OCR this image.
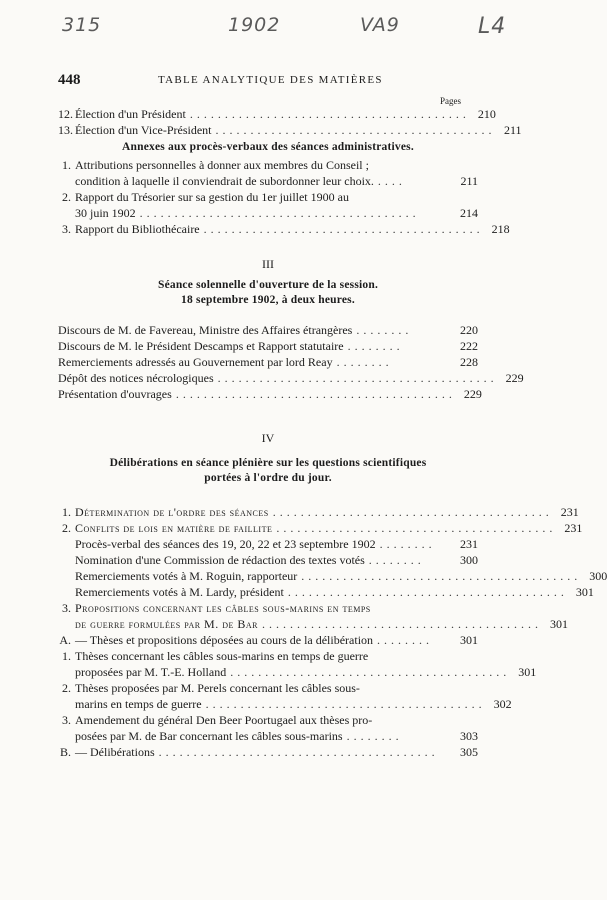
315	1902	VA9	L4
448	TABLE ANALYTIQUE DES MATIÈRES
Pages
12. Élection d'un Président ........................................ 210
13. Élection d'un Vice-Président ........................................ 211
Annexes aux procès-verbaux des séances administratives.
1. Attributions personnelles à donner aux membres du Conseil ;
condition à laquelle il conviendrait de subordonner leur choix. ....	211
2. Rapport du Trésorier sur sa gestion du 1er juillet 1900 au
30 juin 1902 ........................................	214
3. Rapport du Bibliothécaire ........................................ 218
III
Séance solennelle d'ouverture de la session.
18 septembre 1902, à deux heures.
Discours de M. de Favereau, Ministre des Affaires étrangères ........	220
Discours de M. le Président Descamps et Rapport statutaire ........	222
Remerciements adressés au Gouvernement par lord Reay ........	228
Dépôt des notices nécrologiques ........................................ 229
Présentation d'ouvrages ........................................ 229
IV
Délibérations en séance plénière sur les questions scientifiques
portées à l'ordre du jour.
1. Détermination de l'ordre des séances ........................................ 231
2. Conflits de lois en matière de faillite ........................................ 231
Procès-verbal des séances des 19, 20, 22 et 23 septembre 1902 ........	231
Nomination d'une Commission de rédaction des textes votés ........	300
Remerciements votés à M. Roguin, rapporteur ........................................ 300
Remerciements votés à M. Lardy, président ........................................ 301
3. Propositions concernant les câbles sous-marins en temps
de guerre formulées par M. de Bar ........................................ 301
A. — Thèses et propositions déposées au cours de la délibération ........	301
1. Thèses concernant les câbles sous-marins en temps de guerre
proposées par M. T.-E. Holland ........................................ 301
2. Thèses proposées par M. Perels concernant les câbles sous-
marins en temps de guerre ........................................ 302
3. Amendement du général Den Beer Poortugael aux thèses pro-
posées par M. de Bar concernant les câbles sous-marins ........	303
B. — Délibérations ........................................	305
